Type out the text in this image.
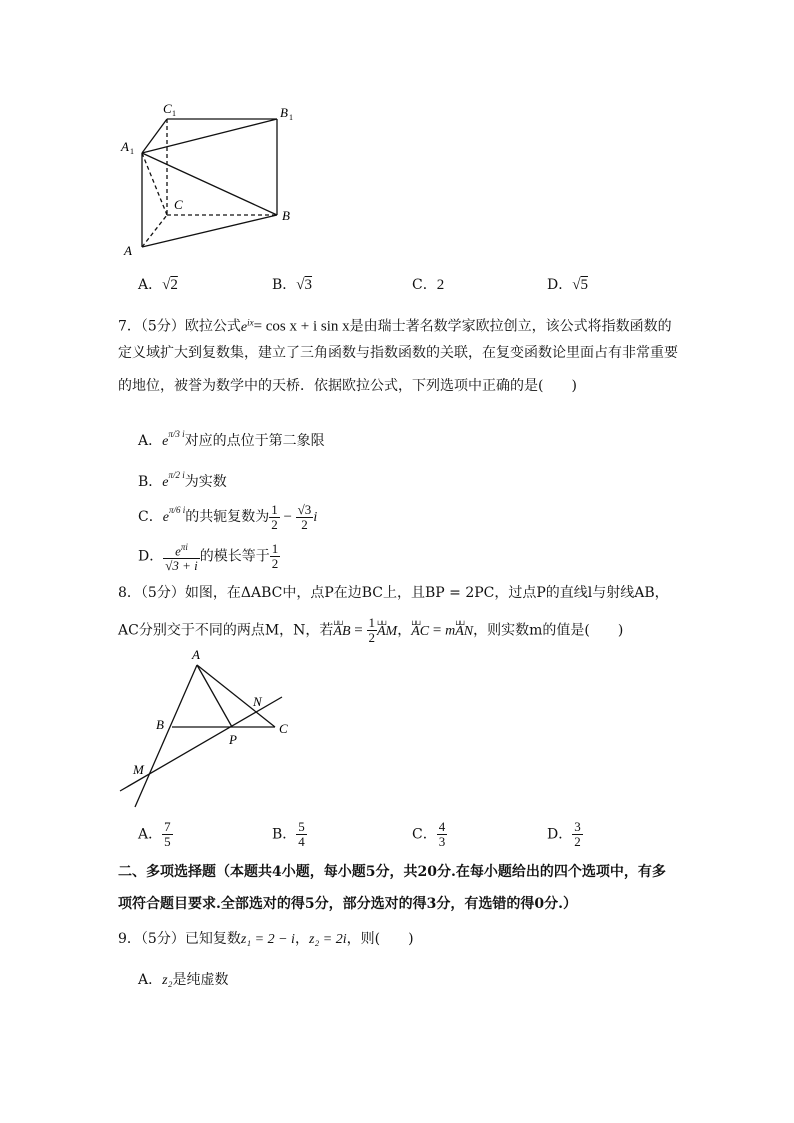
C 1	B 1
A 1
C
B
A
A．√2	B．√3	C．2	D．√5
7．（5分）欧拉公式$e^{ix}= \cos x + i$ sin x是由瑞士著名数学家欧拉创立，该公式将指数函数的
定义域扩大到复数集，建立了三角函数与指数函数的关联，在复变函数论里面占有非常重要
的地位，被誉为数学中的天桥．依据欧拉公式，下列选项中正确的是(　　)
A．$e^{\pi/3 i}$对应的点位于第二象限
B．$e^{\pi/2 i}$为实数
C．$e^{\pi/6 i}$的共轭复数为 $\frac{1}{2} - \frac{√3}{2}$ i
D． $\frac{e^{\pi i}}{√3 + i}$ 的模长等于 $\frac{1}{2}$
8．（5分）如图，在ΔABC中，点P在边BC上，且BP = 2PC，过点P的直线l与射线AB，
AC分别交于不同的两点M，N，若⊔⊔ AB = $\frac{1}{2}$ ⊔⊔ AM，⊔⊔ AC = m⊔⊔ AN，则实数m的值是(　　)
A
B	C
N
P
M
A． $\frac{7}{5}$	B． $\frac{5}{4}$	C． $\frac{4}{3}$	D． $\frac{3}{2}$
二、多项选择题（本题共4小题，每小题5分，共20分.在每小题给出的四个选项中，有多
项符合题目要求.全部选对的得5分，部分选对的得3分，有选错的得0分.）
9．（5分）已知复数z₁ = 2 − i，z₂ = 2i，则(　　)
A．z₂是纯虚数
